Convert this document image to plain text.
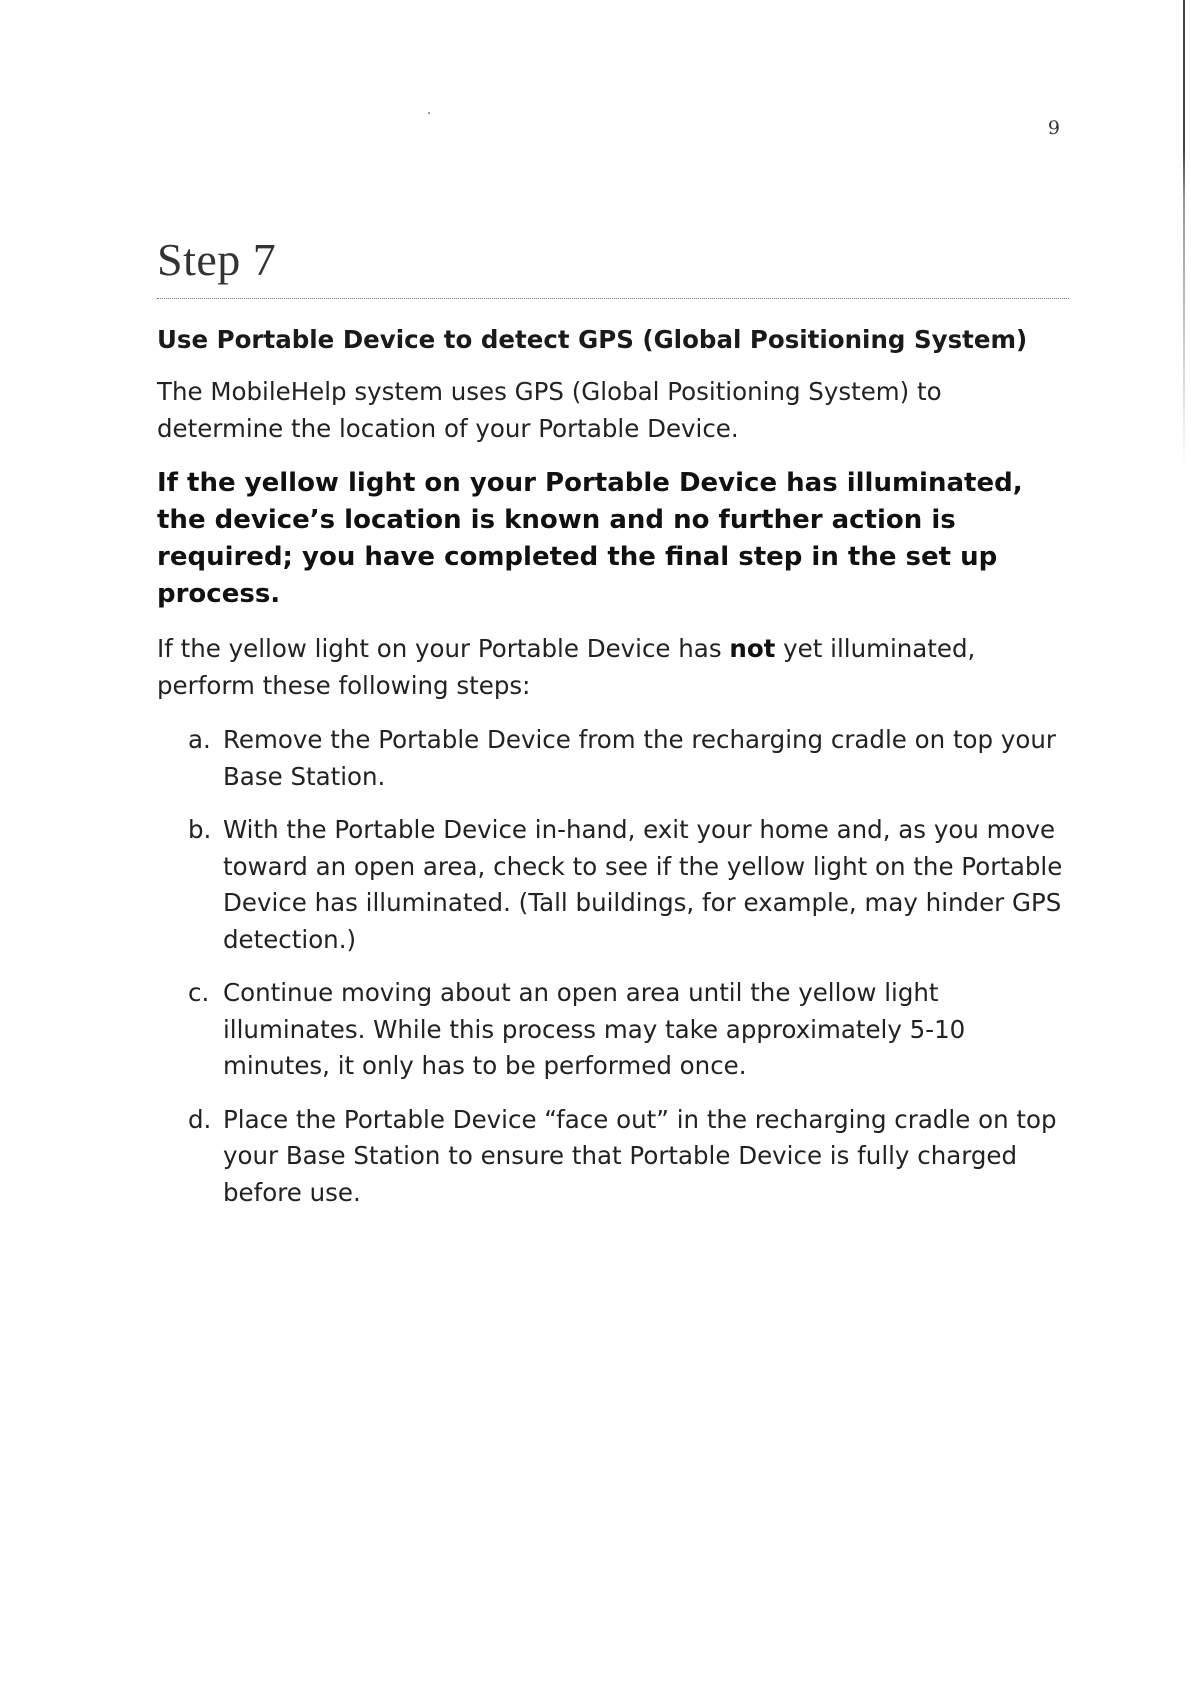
9
Step 7
Use Portable Device to detect GPS (Global Positioning System)

The MobileHelp system uses GPS (Global Positioning System) to determine the location of your Portable Device.

If the yellow light on your Portable Device has illuminated, the device’s location is known and no further action is required; you have completed the final step in the set up process.

If the yellow light on your Portable Device has not yet illuminated, perform these following steps:

a. Remove the Portable Device from the recharging cradle on top your Base Station.
b. With the Portable Device in-hand, exit your home and, as you move toward an open area, check to see if the yellow light on the Portable Device has illuminated. (Tall buildings, for example, may hinder GPS detection.)
c. Continue moving about an open area until the yellow light illuminates. While this process may take approximately 5-10 minutes, it only has to be performed once.
d. Place the Portable Device “face out” in the recharging cradle on top your Base Station to ensure that Portable Device is fully charged before use.
